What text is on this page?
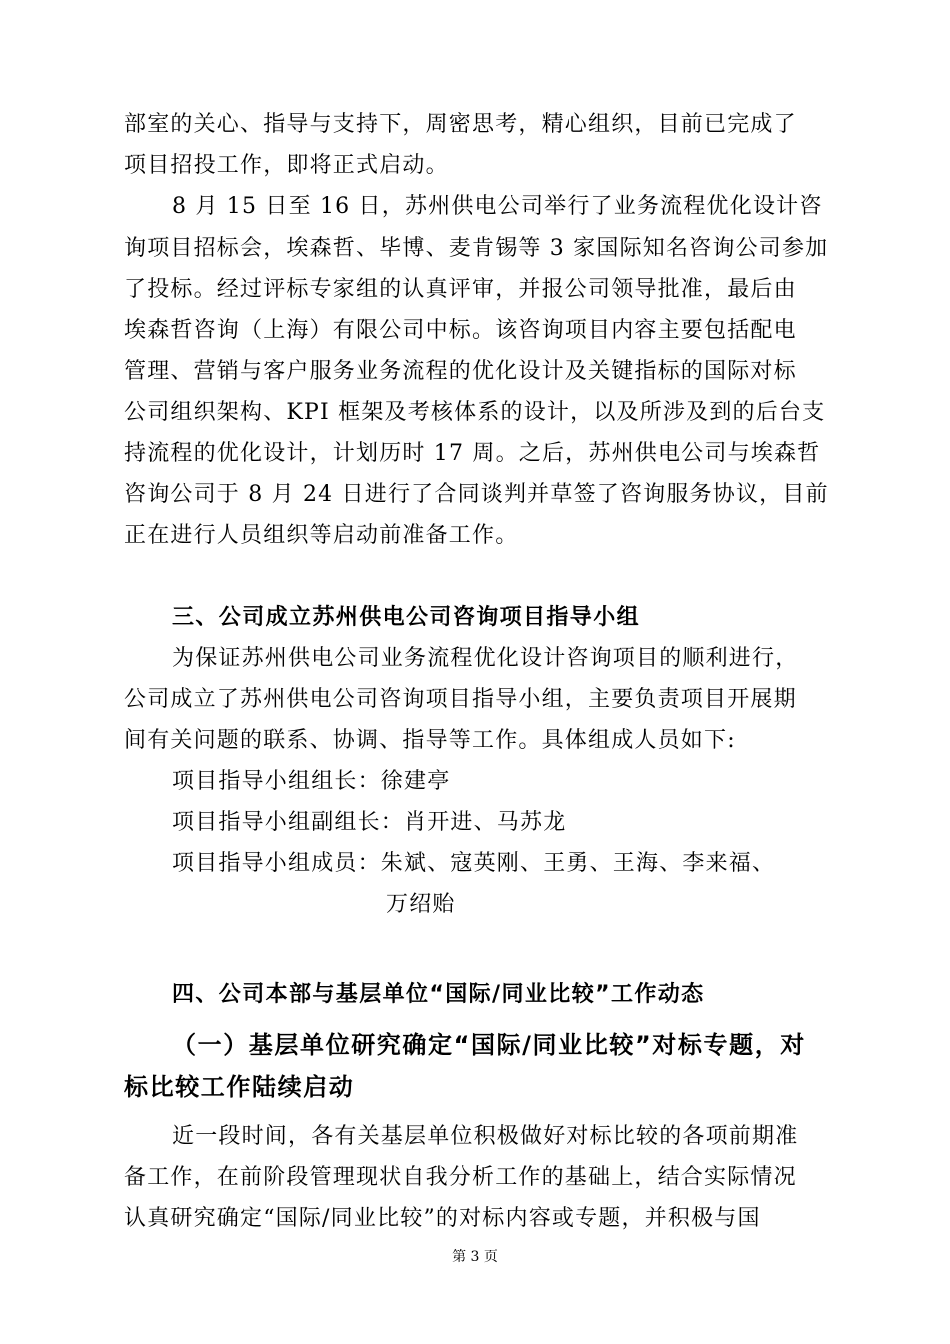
部室的关心、指导与支持下，周密思考，精心组织，目前已完成了
项目招投工作，即将正式启动。
8 月 15 日至 16 日，苏州供电公司举行了业务流程优化设计咨
询项目招标会，埃森哲、毕博、麦肯锡等 3 家国际知名咨询公司参加
了投标。经过评标专家组的认真评审，并报公司领导批准，最后由
埃森哲咨询（上海）有限公司中标。该咨询项目内容主要包括配电
管理、营销与客户服务业务流程的优化设计及关键指标的国际对标
公司组织架构、KPI 框架及考核体系的设计，以及所涉及到的后台支
持流程的优化设计，计划历时 17 周。之后，苏州供电公司与埃森哲
咨询公司于 8 月 24 日进行了合同谈判并草签了咨询服务协议，目前
正在进行人员组织等启动前准备工作。
三、公司成立苏州供电公司咨询项目指导小组
为保证苏州供电公司业务流程优化设计咨询项目的顺利进行，
公司成立了苏州供电公司咨询项目指导小组，主要负责项目开展期
间有关问题的联系、协调、指导等工作。具体组成人员如下:
项目指导小组组长：徐建亭
项目指导小组副组长：肖开进、马苏龙
项目指导小组成员：朱斌、寇英刚、王勇、王海、李来福、
万绍贻
四、公司本部与基层单位“国际/同业比较”工作动态
（一）基层单位研究确定“国际/同业比较”对标专题，对
标比较工作陆续启动
近一段时间，各有关基层单位积极做好对标比较的各项前期准
备工作，在前阶段管理现状自我分析工作的基础上，结合实际情况
认真研究确定“国际/同业比较”的对标内容或专题，并积极与国
第 3 页
